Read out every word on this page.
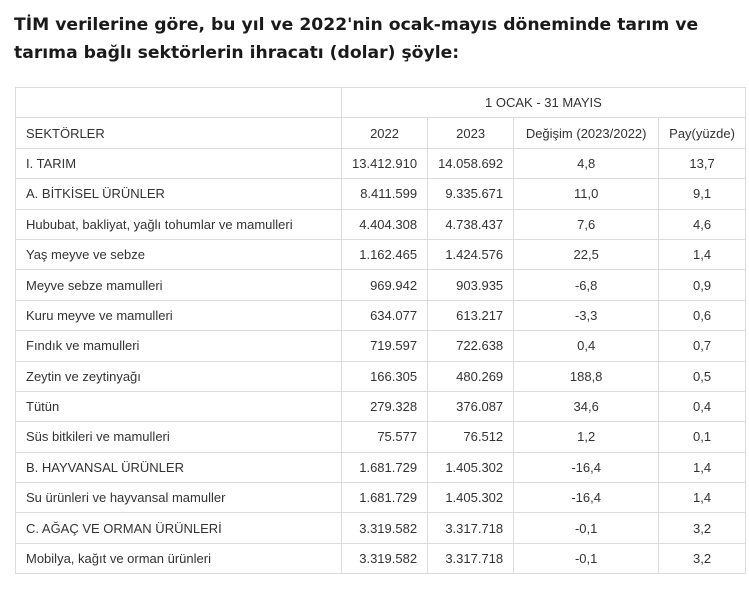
TİM verilerine göre, bu yıl ve 2022'nin ocak-mayıs döneminde tarım ve tarıma bağlı sektörlerin ihracatı (dolar) şöyle:
	1 OCAK - 31 MAYIS			
SEKTÖRLER	2022	2023	Değişim (2023/2022)	Pay(yüzde)
I. TARIM	13.412.910	14.058.692	4,8	13,7
A. BİTKİSEL ÜRÜNLER	8.411.599	9.335.671	11,0	9,1
Hububat, bakliyat, yağlı tohumlar ve mamulleri	4.404.308	4.738.437	7,6	4,6
Yaş meyve ve sebze	1.162.465	1.424.576	22,5	1,4
Meyve sebze mamulleri	969.942	903.935	-6,8	0,9
Kuru meyve ve mamulleri	634.077	613.217	-3,3	0,6
Fındık ve mamulleri	719.597	722.638	0,4	0,7
Zeytin ve zeytinyağı	166.305	480.269	188,8	0,5
Tütün	279.328	376.087	34,6	0,4
Süs bitkileri ve mamulleri	75.577	76.512	1,2	0,1
B. HAYVANSAL ÜRÜNLER	1.681.729	1.405.302	-16,4	1,4
Su ürünleri ve hayvansal mamuller	1.681.729	1.405.302	-16,4	1,4
C. AĞAÇ VE ORMAN ÜRÜNLERİ	3.319.582	3.317.718	-0,1	3,2
Mobilya, kağıt ve orman ürünleri	3.319.582	3.317.718	-0,1	3,2
